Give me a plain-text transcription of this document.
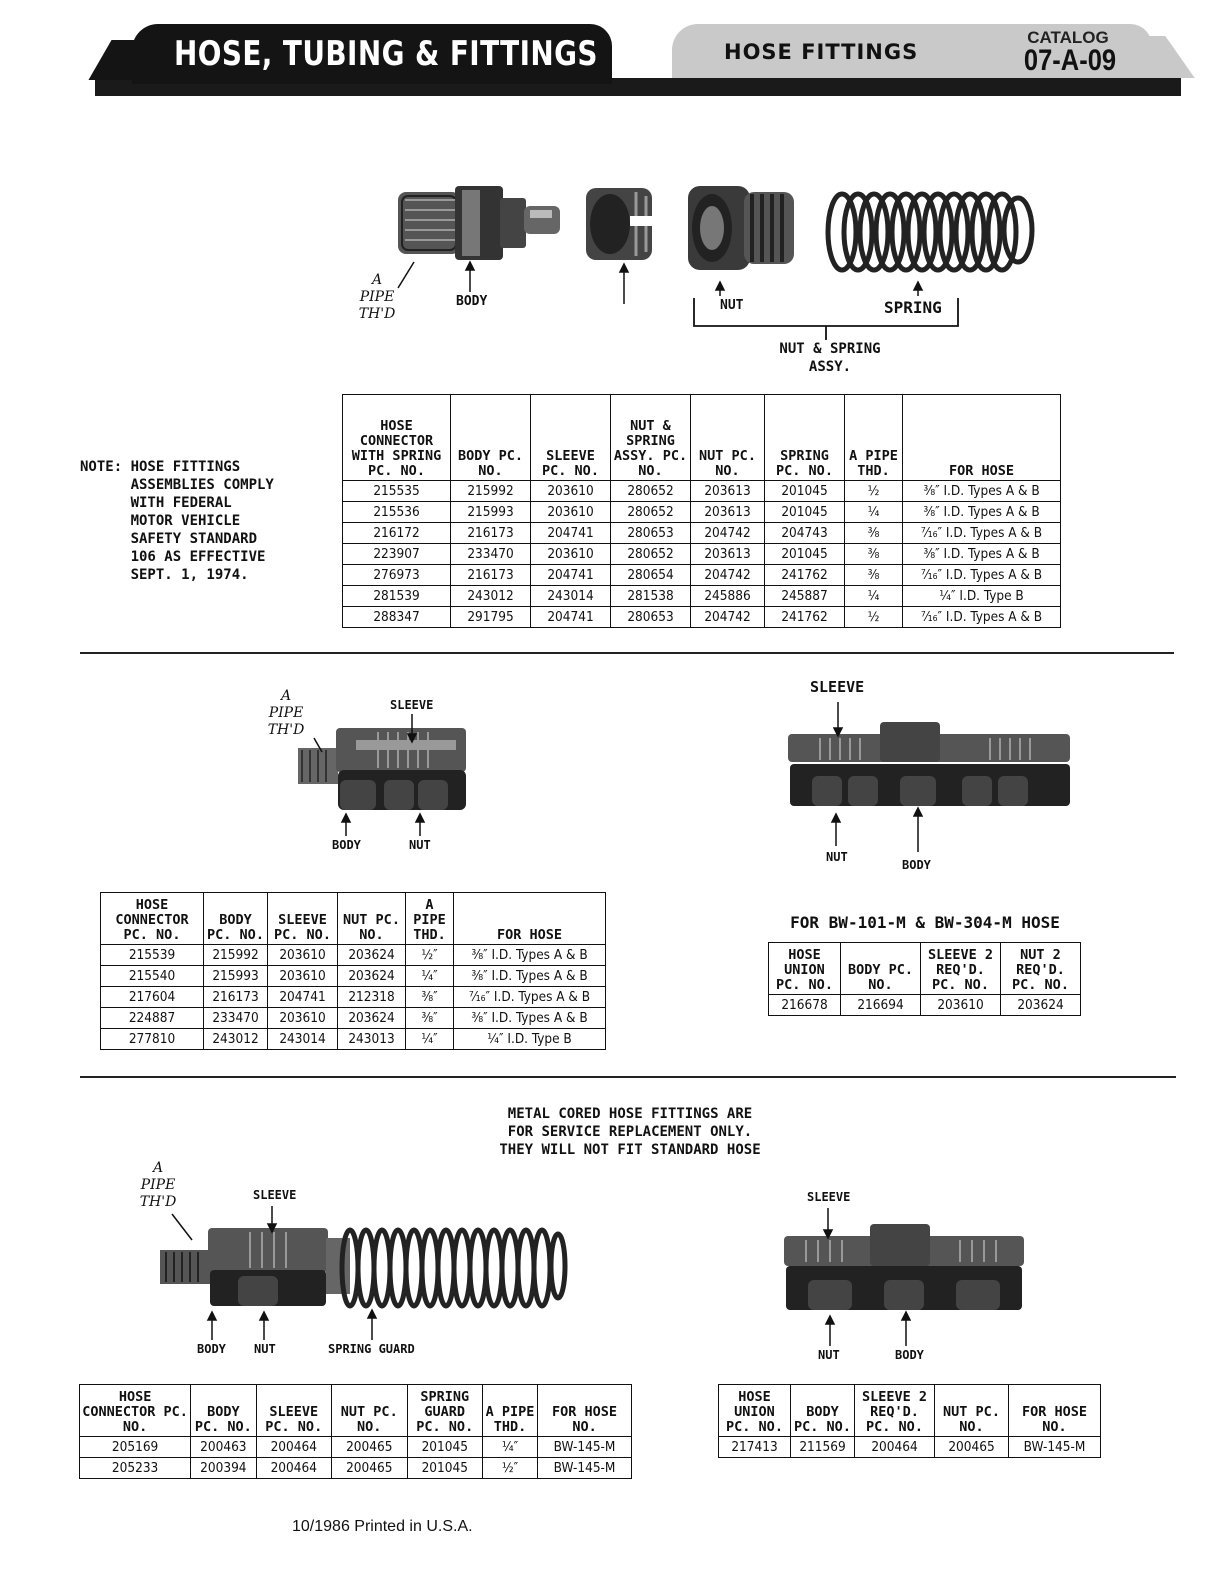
HOSE, TUBING & FITTINGS	HOSE FITTINGS
CATALOG
07-A-09
A
PIPE
TH'D
BODY	NUT	SPRING
NUT & SPRING
ASSY.
NOTE: HOSE FITTINGS
ASSEMBLIES COMPLY
WITH FEDERAL
MOTOR VEHICLE
SAFETY STANDARD
106 AS EFFECTIVE
SEPT. 1, 1974.
HOSE CONNECTOR WITH SPRING PC. NO.	BODY PC. NO.	SLEEVE PC. NO.	NUT & SPRING ASSY. PC. NO.	NUT PC. NO.	SPRING PC. NO.	A PIPE THD.	FOR HOSE
215535	215992	203610	280652	203613	201045	½	⅜″ I.D. Types A & B
215536	215993	203610	280652	203613	201045	¼	⅜″ I.D. Types A & B
216172	216173	204741	280653	204742	204743	⅜	⁷⁄₁₆″ I.D. Types A & B
223907	233470	203610	280652	203613	201045	⅜	⅜″ I.D. Types A & B
276973	216173	204741	280654	204742	241762	⅜	⁷⁄₁₆″ I.D. Types A & B
281539	243012	243014	281538	245886	245887	¼	¼″ I.D. Type B
288347	291795	204741	280653	204742	241762	½	⁷⁄₁₆″ I.D. Types A & B
A
PIPE
TH'D
SLEEVE
BODY	NUT
SLEEVE
NUT
BODY
HOSE CONNECTOR PC. NO.	BODY PC. NO.	SLEEVE PC. NO.	NUT PC. NO.	A PIPE THD.	FOR HOSE
215539	215992	203610	203624	½″	⅜″ I.D. Types A & B
215540	215993	203610	203624	¼″	⅜″ I.D. Types A & B
217604	216173	204741	212318	⅜″	⁷⁄₁₆″ I.D. Types A & B
224887	233470	203610	203624	⅜″	⅜″ I.D. Types A & B
277810	243012	243014	243013	¼″	¼″ I.D. Type B
FOR BW-101-M & BW-304-M HOSE
HOSE UNION PC. NO.	BODY PC. NO.	SLEEVE 2 REQ'D. PC. NO.	NUT 2 REQ'D. PC. NO.
216678	216694	203610	203624
METAL CORED HOSE FITTINGS ARE
FOR SERVICE REPLACEMENT ONLY.
THEY WILL NOT FIT STANDARD HOSE
A
PIPE
TH'D	SLEEVE
BODY NUT	SPRING GUARD
SLEEVE
NUT	BODY
HOSE CONNECTOR PC. NO.	BODY PC. NO.	SLEEVE PC. NO.	NUT PC. NO.	SPRING GUARD PC. NO.	A PIPE THD.	FOR HOSE NO.
205169	200463	200464	200465	201045	¼″	BW-145-M
205233	200394	200464	200465	201045	½″	BW-145-M
HOSE UNION PC. NO.	BODY PC. NO.	SLEEVE 2 REQ'D. PC. NO.	NUT PC. NO.	FOR HOSE NO.
217413	211569	200464	200465	BW-145-M
10/1986 Printed in U.S.A.
